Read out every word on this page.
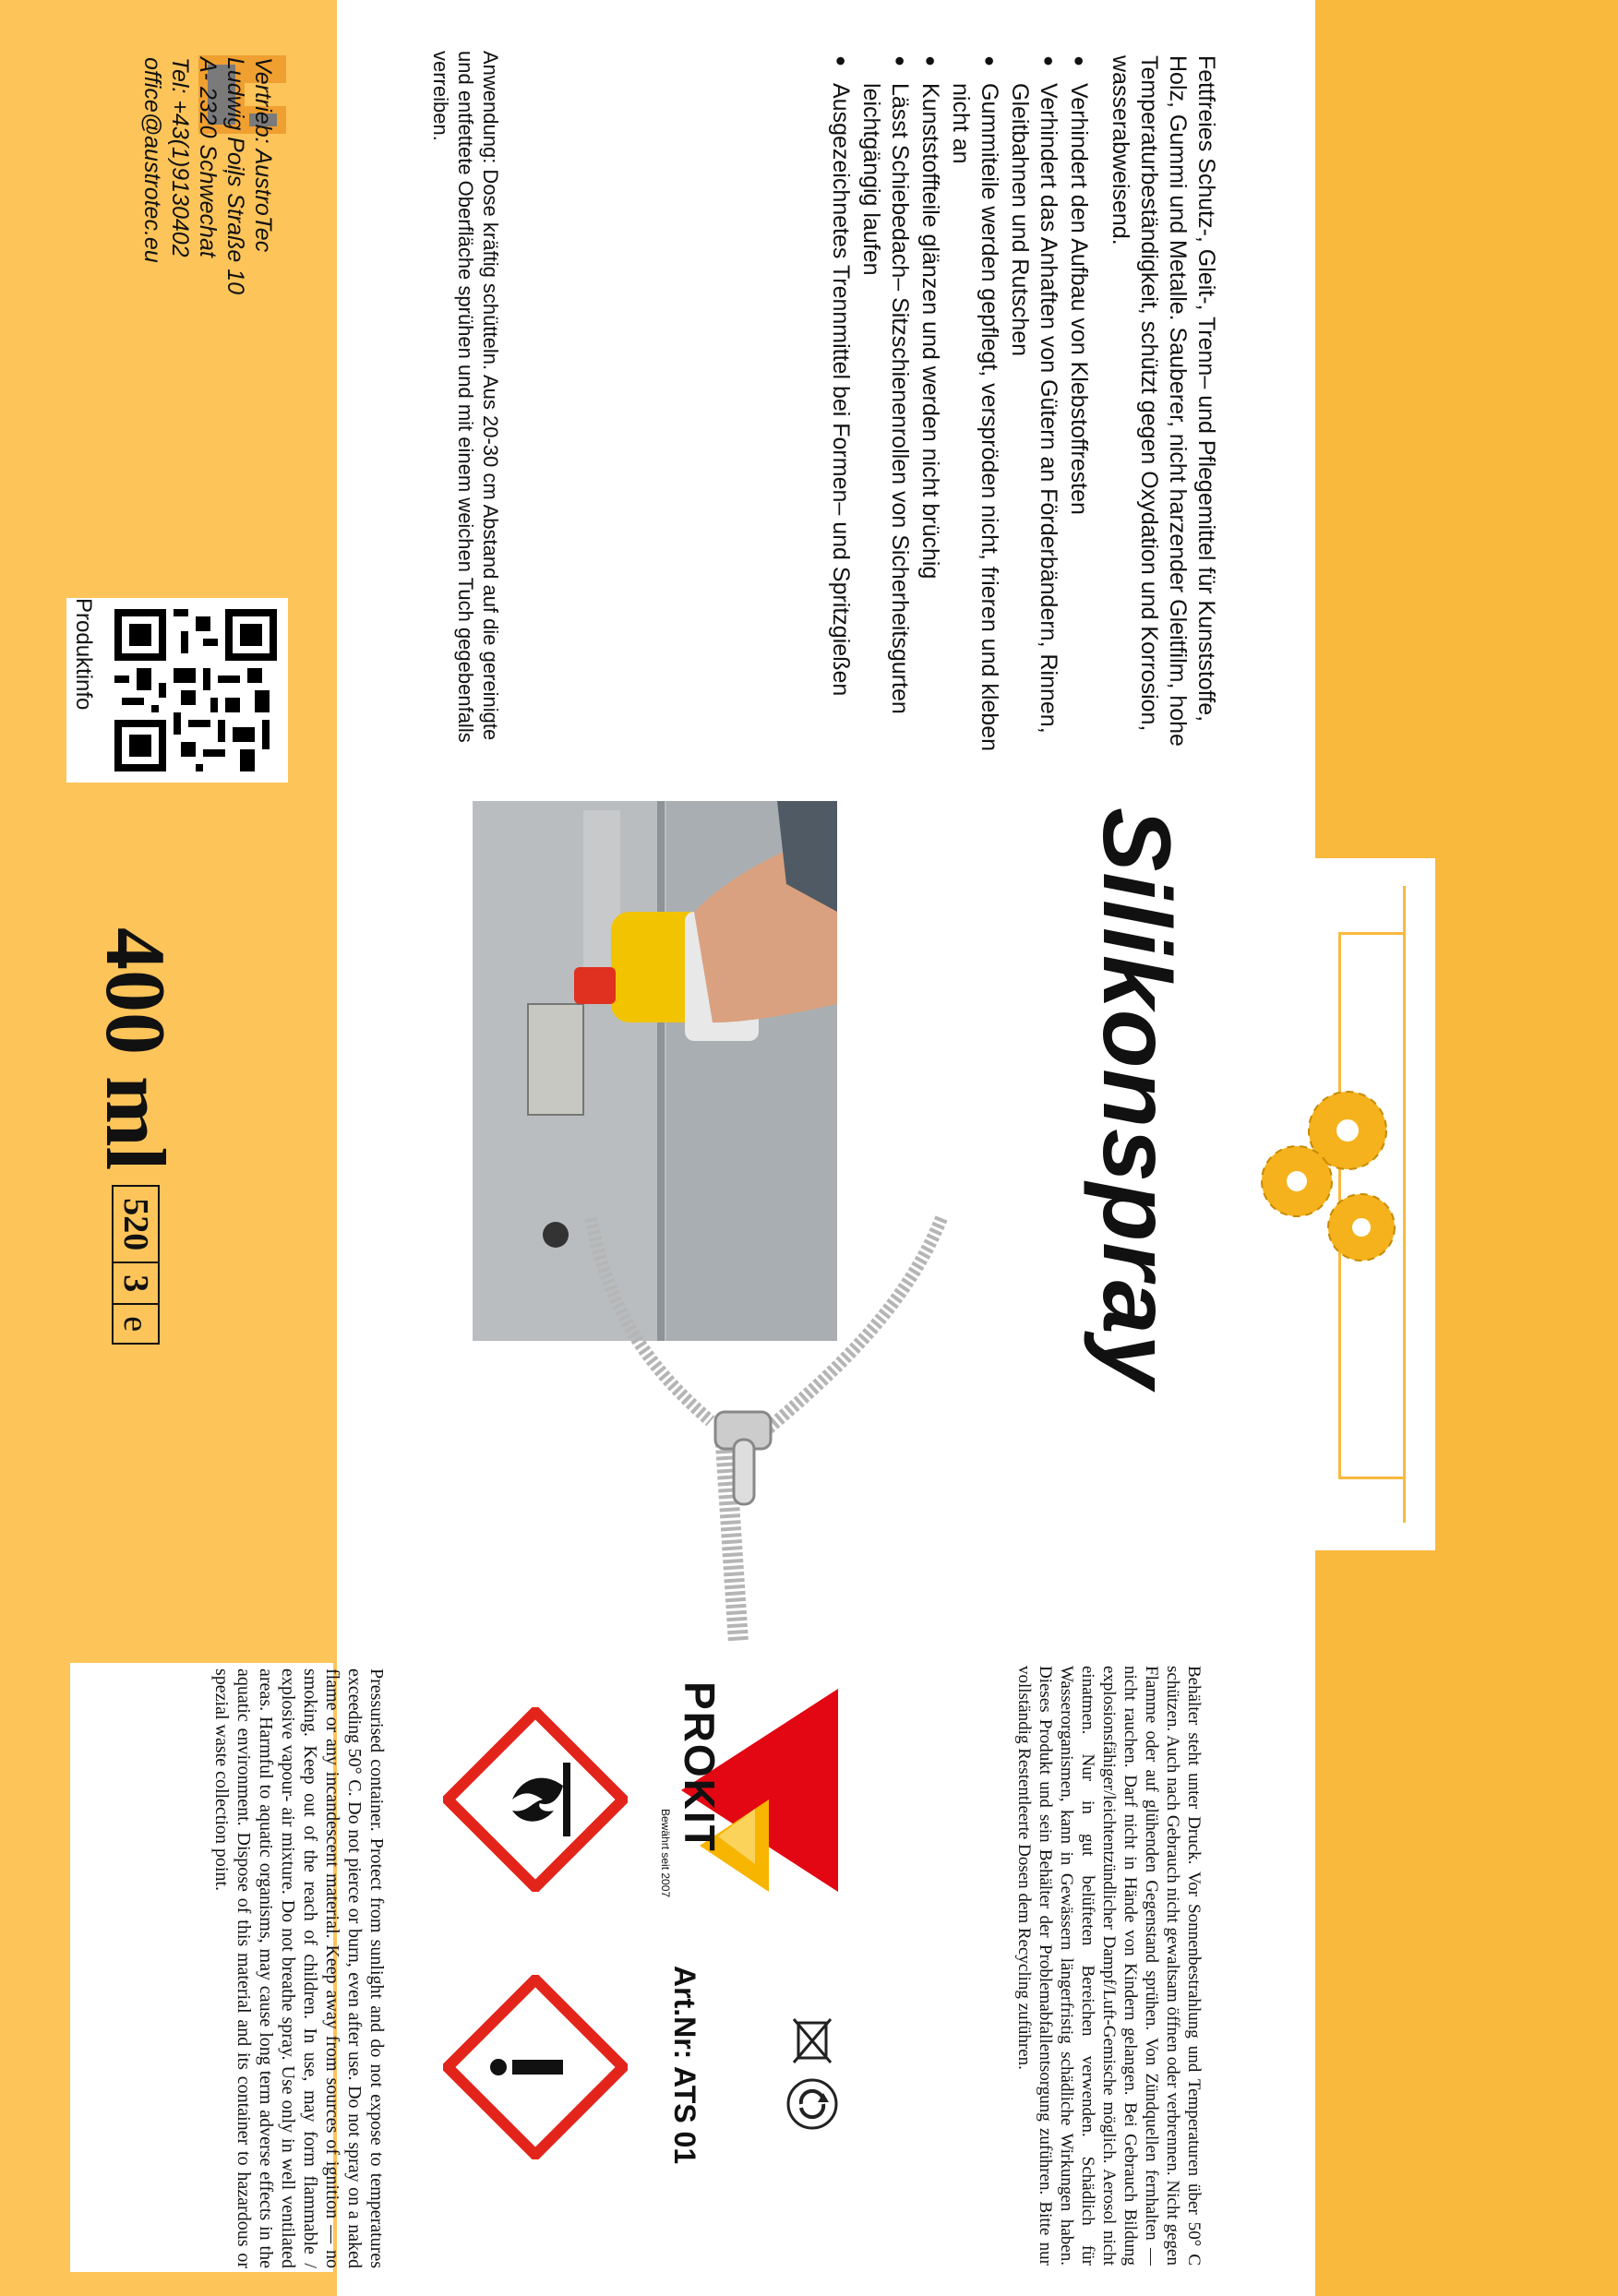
Fettfreies Schutz-, Gleit-, Trenn– und Pflegemittel für Kunststoffe, Holz, Gummi und Metalle. Sauberer, nicht harzender Gleitfilm, hohe Temperaturbeständigkeit, schützt gegen Oxydation und Korrosion, wasserabweisend.

● Verhindert den Aufbau von Klebstoffresten
● Verhindert das Anhaften von Gütern an Förderbändern, Rinnen, Gleitbahnen und Rutschen
● Gummiteile werden gepflegt, verspröden nicht, frieren und kleben nicht an
● Kunststoffteile glänzen und werden nicht brüchig
● Lässt Schiebedach– Sitzschienenrollen von Sicherheitsgurten leichtgängig laufen
● Ausgezeichnetes Trennmittel bei Formen– und Spritzgießen
Anwendung: Dose kräftig schütteln. Aus 20-30 cm Abstand auf die gereinigte und entfettete Oberfläche sprühen und mit einem weichen Tuch gegebenfalls verreiben.
Vertrieb: AustroTec
Ludwig Poiļs Straße 10
A- 2320 Schwechat
Tel: +43(1)9130402
office@austrotec.eu
Produktinfo
Silikonspray
400 ml
520
3
e
Behälter steht unter Druck. Vor Sonnenbestrahlung und Temperaturen über 50° C schützen. Auch nach Gebrauch nicht gewaltsam öffnen oder verbrennen. Nicht gegen Flamme oder auf glühenden Gegenstand sprühen. Von Zündquellen fernhalten — nicht rauchen. Darf nicht in Hände von Kindern gelangen. Bei Gebrauch Bildung explosionsfähiger/leichtentzündlicher Dampf/Luft-Gemische möglich. Aerosol nicht einatmen. Nur in gut belüfteten Bereichen verwenden. Schädlich für Wasserorganismen, kann in Gewässern längerfristig schädliche Wirkungen haben. Dieses Produkt und sein Behälter der Problemabfallentsorgung zuführen. Bitte nur vollständig Restentleerte Dosen dem Recycling zuführen.
PROKIT
Bewährt seit 2007
Art.Nr: ATS 01
Pressurised container. Protect from sunlight and do not expose to temperatures exceeding 50° C. Do not pierce or burn, even after use. Do not spray on a naked flame or any incandescent material. Keep away from sources of ignition — no smoking. Keep out of the reach of children. In use, may form flammable / explosive vapour- air mixture. Do not breathe spray. Use only in well ventilated areas. Harmful to aquatic organisms, may cause long term adverse effects in the aquatic environment. Dispose of this material and its container to hazardous or spezial waste collection point.
